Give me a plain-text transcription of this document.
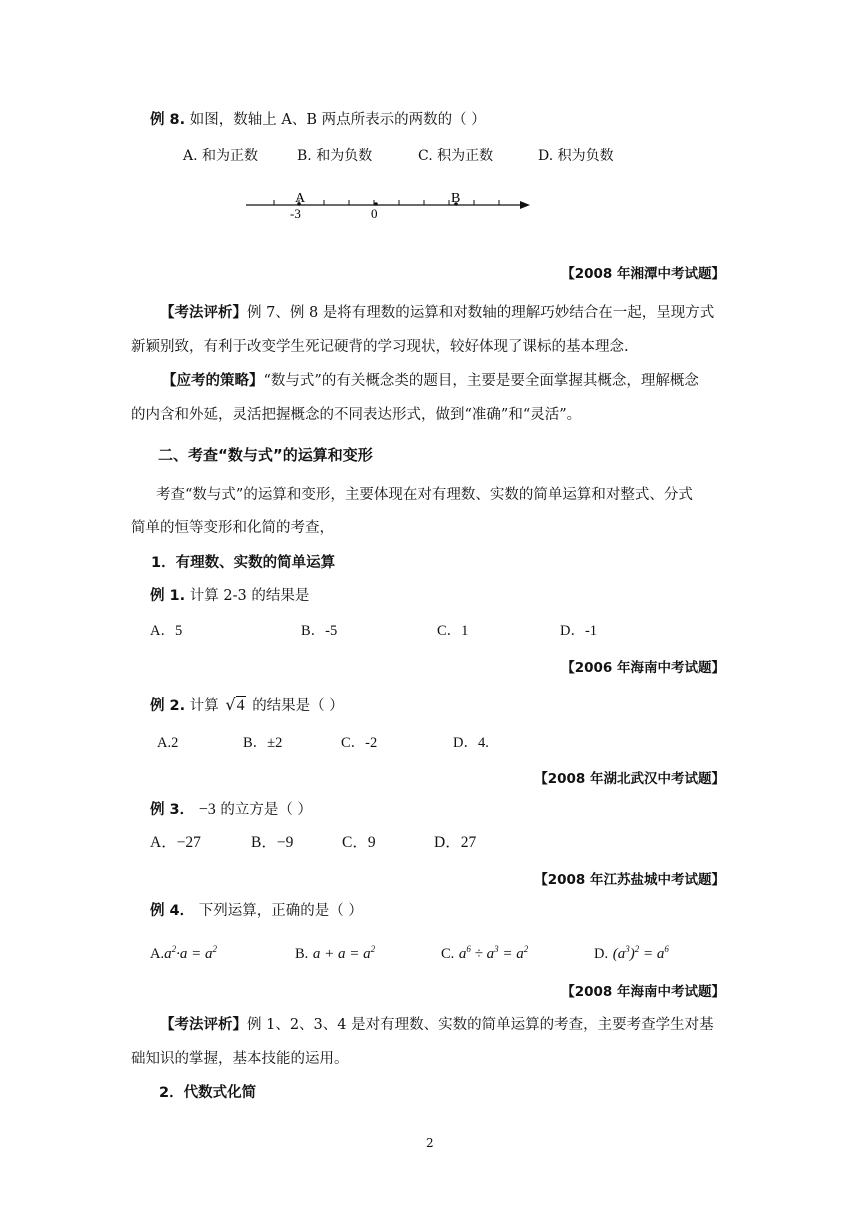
例 8. 如图，数轴上 A、B 两点所表示的两数的（ ）
A. 和为正数	B. 和为负数	C. 积为正数	D. 积为负数
A	B
-3	0
【2008 年湘潭中考试题】
【考法评析】例 7、例 8 是将有理数的运算和对数轴的理解巧妙结合在一起，呈现方式
新颖别致，有利于改变学生死记硬背的学习现状，较好体现了课标的基本理念.
【应考的策略】“数与式”的有关概念类的题目，主要是要全面掌握其概念，理解概念
的内含和外延，灵活把握概念的不同表达形式，做到“准确”和“灵活”。
二、考查“数与式”的运算和变形
考查“数与式”的运算和变形，主要体现在对有理数、实数的简单运算和对整式、分式
简单的恒等变形和化简的考查，
1．有理数、实数的简单运算
例 1. 计算 2-3 的结果是
A．5	B．-5	C．1	D．-1
【2006 年海南中考试题】
例 2. 计算 √4 的结果是（ ）
A.2	B．±2	C．-2	D．4.
【2008 年湖北武汉中考试题】
例 3． −3 的立方是（ ）
A．−27	B．−9	C．9	D．27
【2008 年江苏盐城中考试题】
例 4． 下列运算，正确的是（ ）
$A.a^2\cdot a = a^2$	B. $a + a = a^2$	C. $a^6 \div a^3 = a^2$	D. $(a^3)^2 = a^6$
【2008 年海南中考试题】
【考法评析】例 1、2、3、4 是对有理数、实数的简单运算的考查，主要考查学生对基
础知识的掌握，基本技能的运用。
2．代数式化简
2
